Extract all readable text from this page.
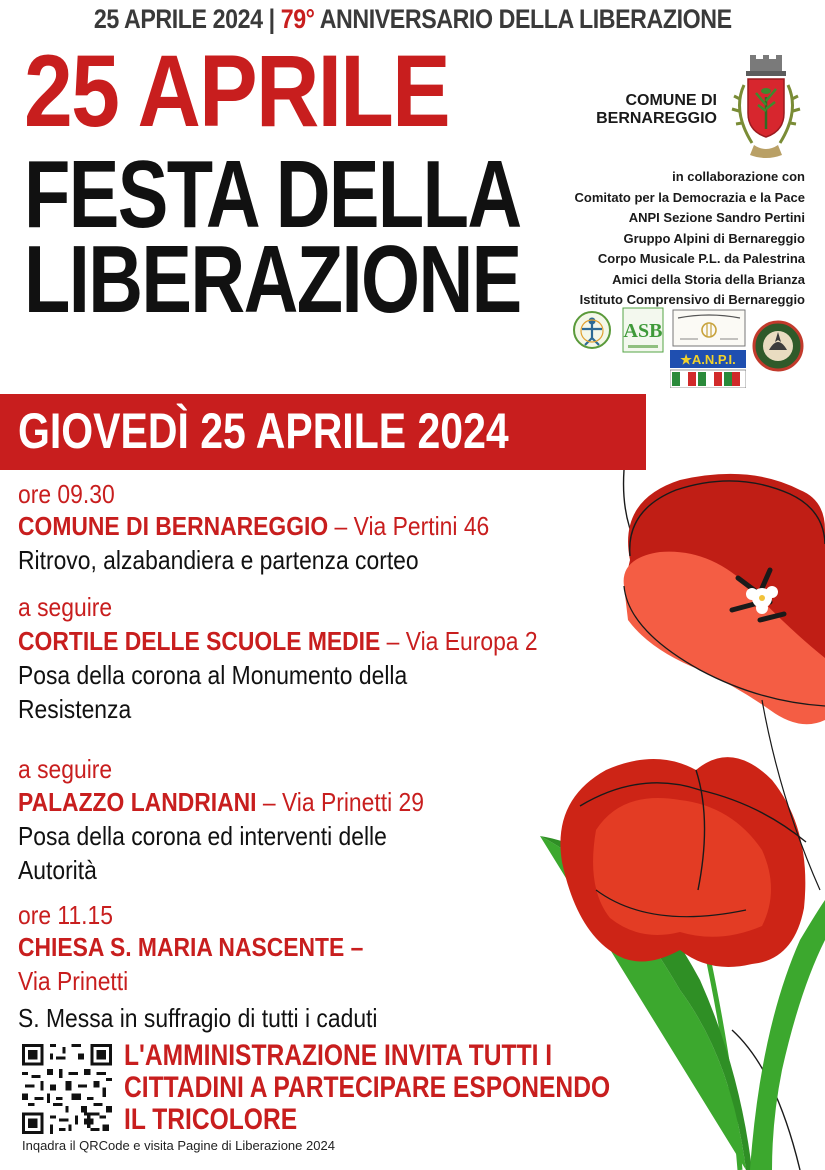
25 APRILE 2024 | 79° ANNIVERSARIO DELLA LIBERAZIONE
25 APRILE
FESTA DELLA
LIBERAZIONE
COMUNE DI
BERNAREGGIO
in collaborazione con
Comitato per la Democrazia e la Pace
ANPI Sezione Sandro Pertini
Gruppo Alpini di Bernareggio
Corpo Musicale P.L. da Palestrina
Amici della Storia della Brianza
Istituto Comprensivo di Bernareggio
ASB
★A.N.P.I.
GIOVEDÌ 25 APRILE 2024
ore 09.30
COMUNE DI BERNAREGGIO – Via Pertini 46
Ritrovo, alzabandiera e partenza corteo
a seguire
CORTILE DELLE SCUOLE MEDIE – Via Europa 2
Posa della corona al Monumento della
Resistenza
a seguire
PALAZZO LANDRIANI – Via Prinetti 29
Posa della corona ed interventi delle
Autorità
ore 11.15
CHIESA S. MARIA NASCENTE –
Via Prinetti
S. Messa in suffragio di tutti i caduti
L'AMMINISTRAZIONE INVITA TUTTI I
CITTADINI A PARTECIPARE ESPONENDO
IL TRICOLORE
Inqadra il QRCode e visita Pagine di Liberazione 2024
